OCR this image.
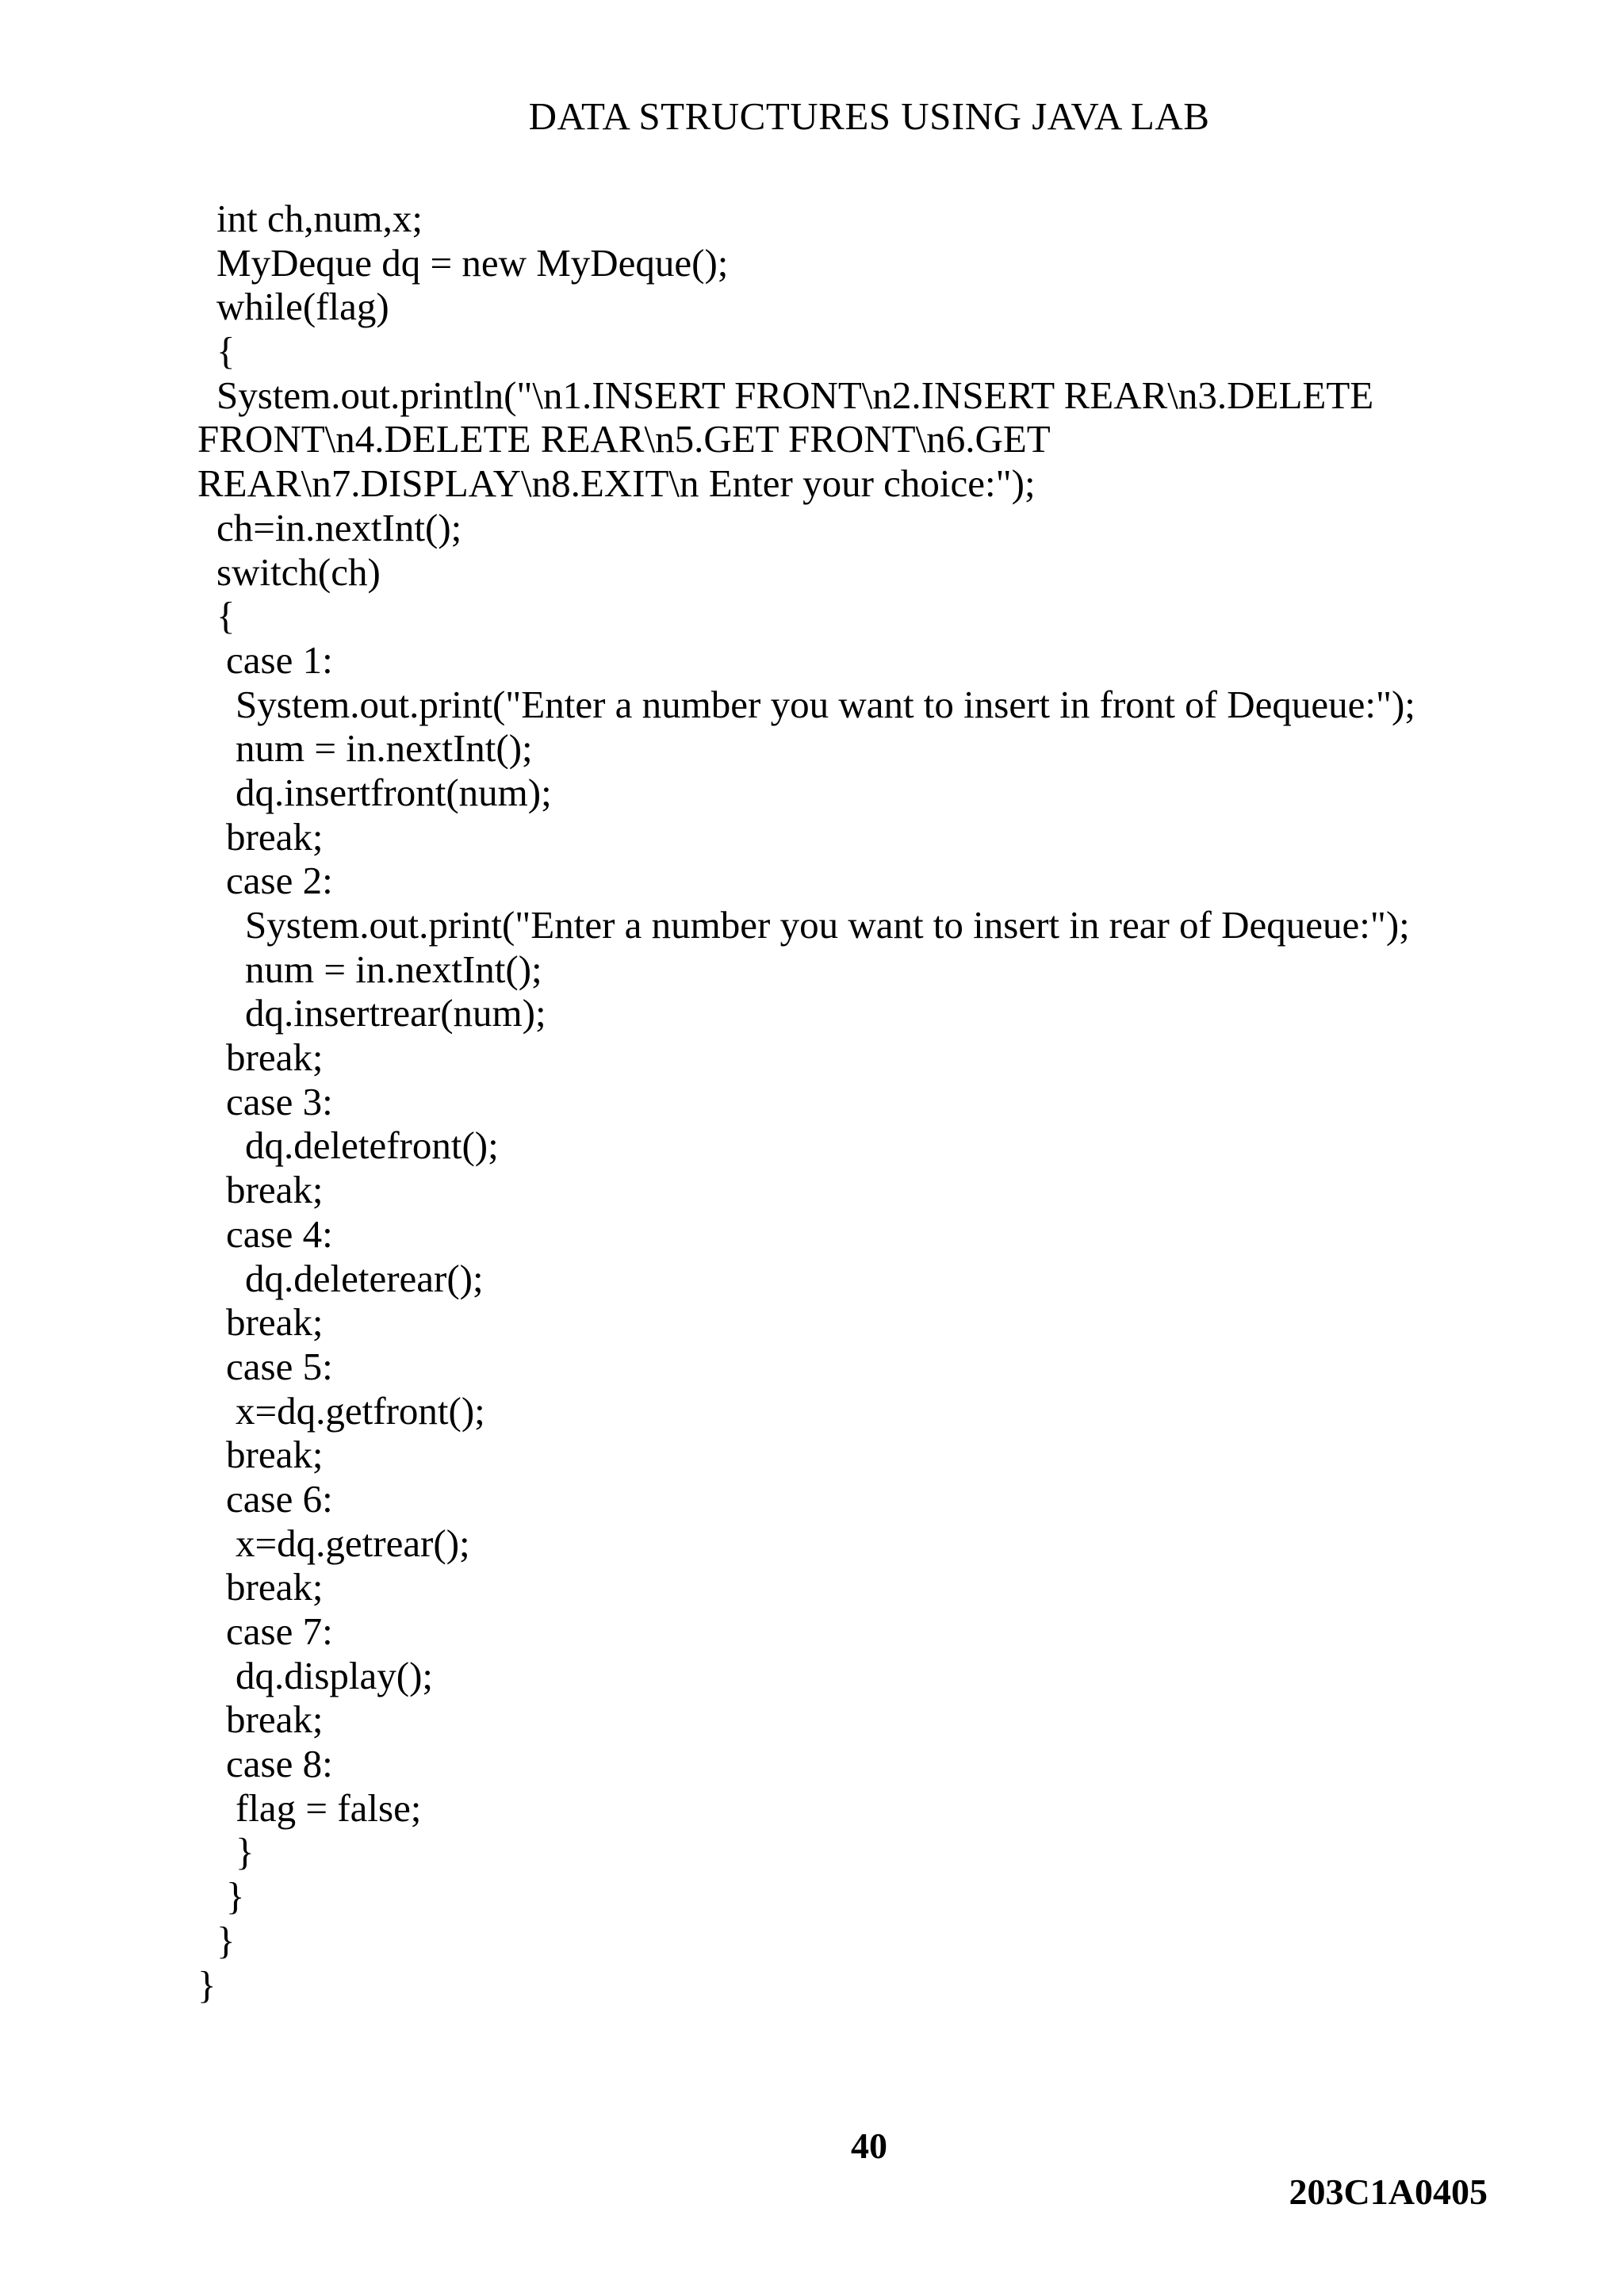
DATA STRUCTURES USING JAVA LAB
int ch,num,x;
MyDeque dq = new MyDeque();
while(flag)
{
System.out.println("\n1.INSERT FRONT\n2.INSERT REAR\n3.DELETE
FRONT\n4.DELETE REAR\n5.GET FRONT\n6.GET
REAR\n7.DISPLAY\n8.EXIT\n Enter your choice:");
ch=in.nextInt();
switch(ch)
{
case 1:
System.out.print("Enter a number you want to insert in front of Dequeue:");
num = in.nextInt();
dq.insertfront(num);
break;
case 2:
System.out.print("Enter a number you want to insert in rear of Dequeue:");
num = in.nextInt();
dq.insertrear(num);
break;
case 3:
dq.deletefront();
break;
case 4:
dq.deleterear();
break;
case 5:
x=dq.getfront();
break;
case 6:
x=dq.getrear();
break;
case 7:
dq.display();
break;
case 8:
flag = false;
}
}
}
}
40
203C1A0405
